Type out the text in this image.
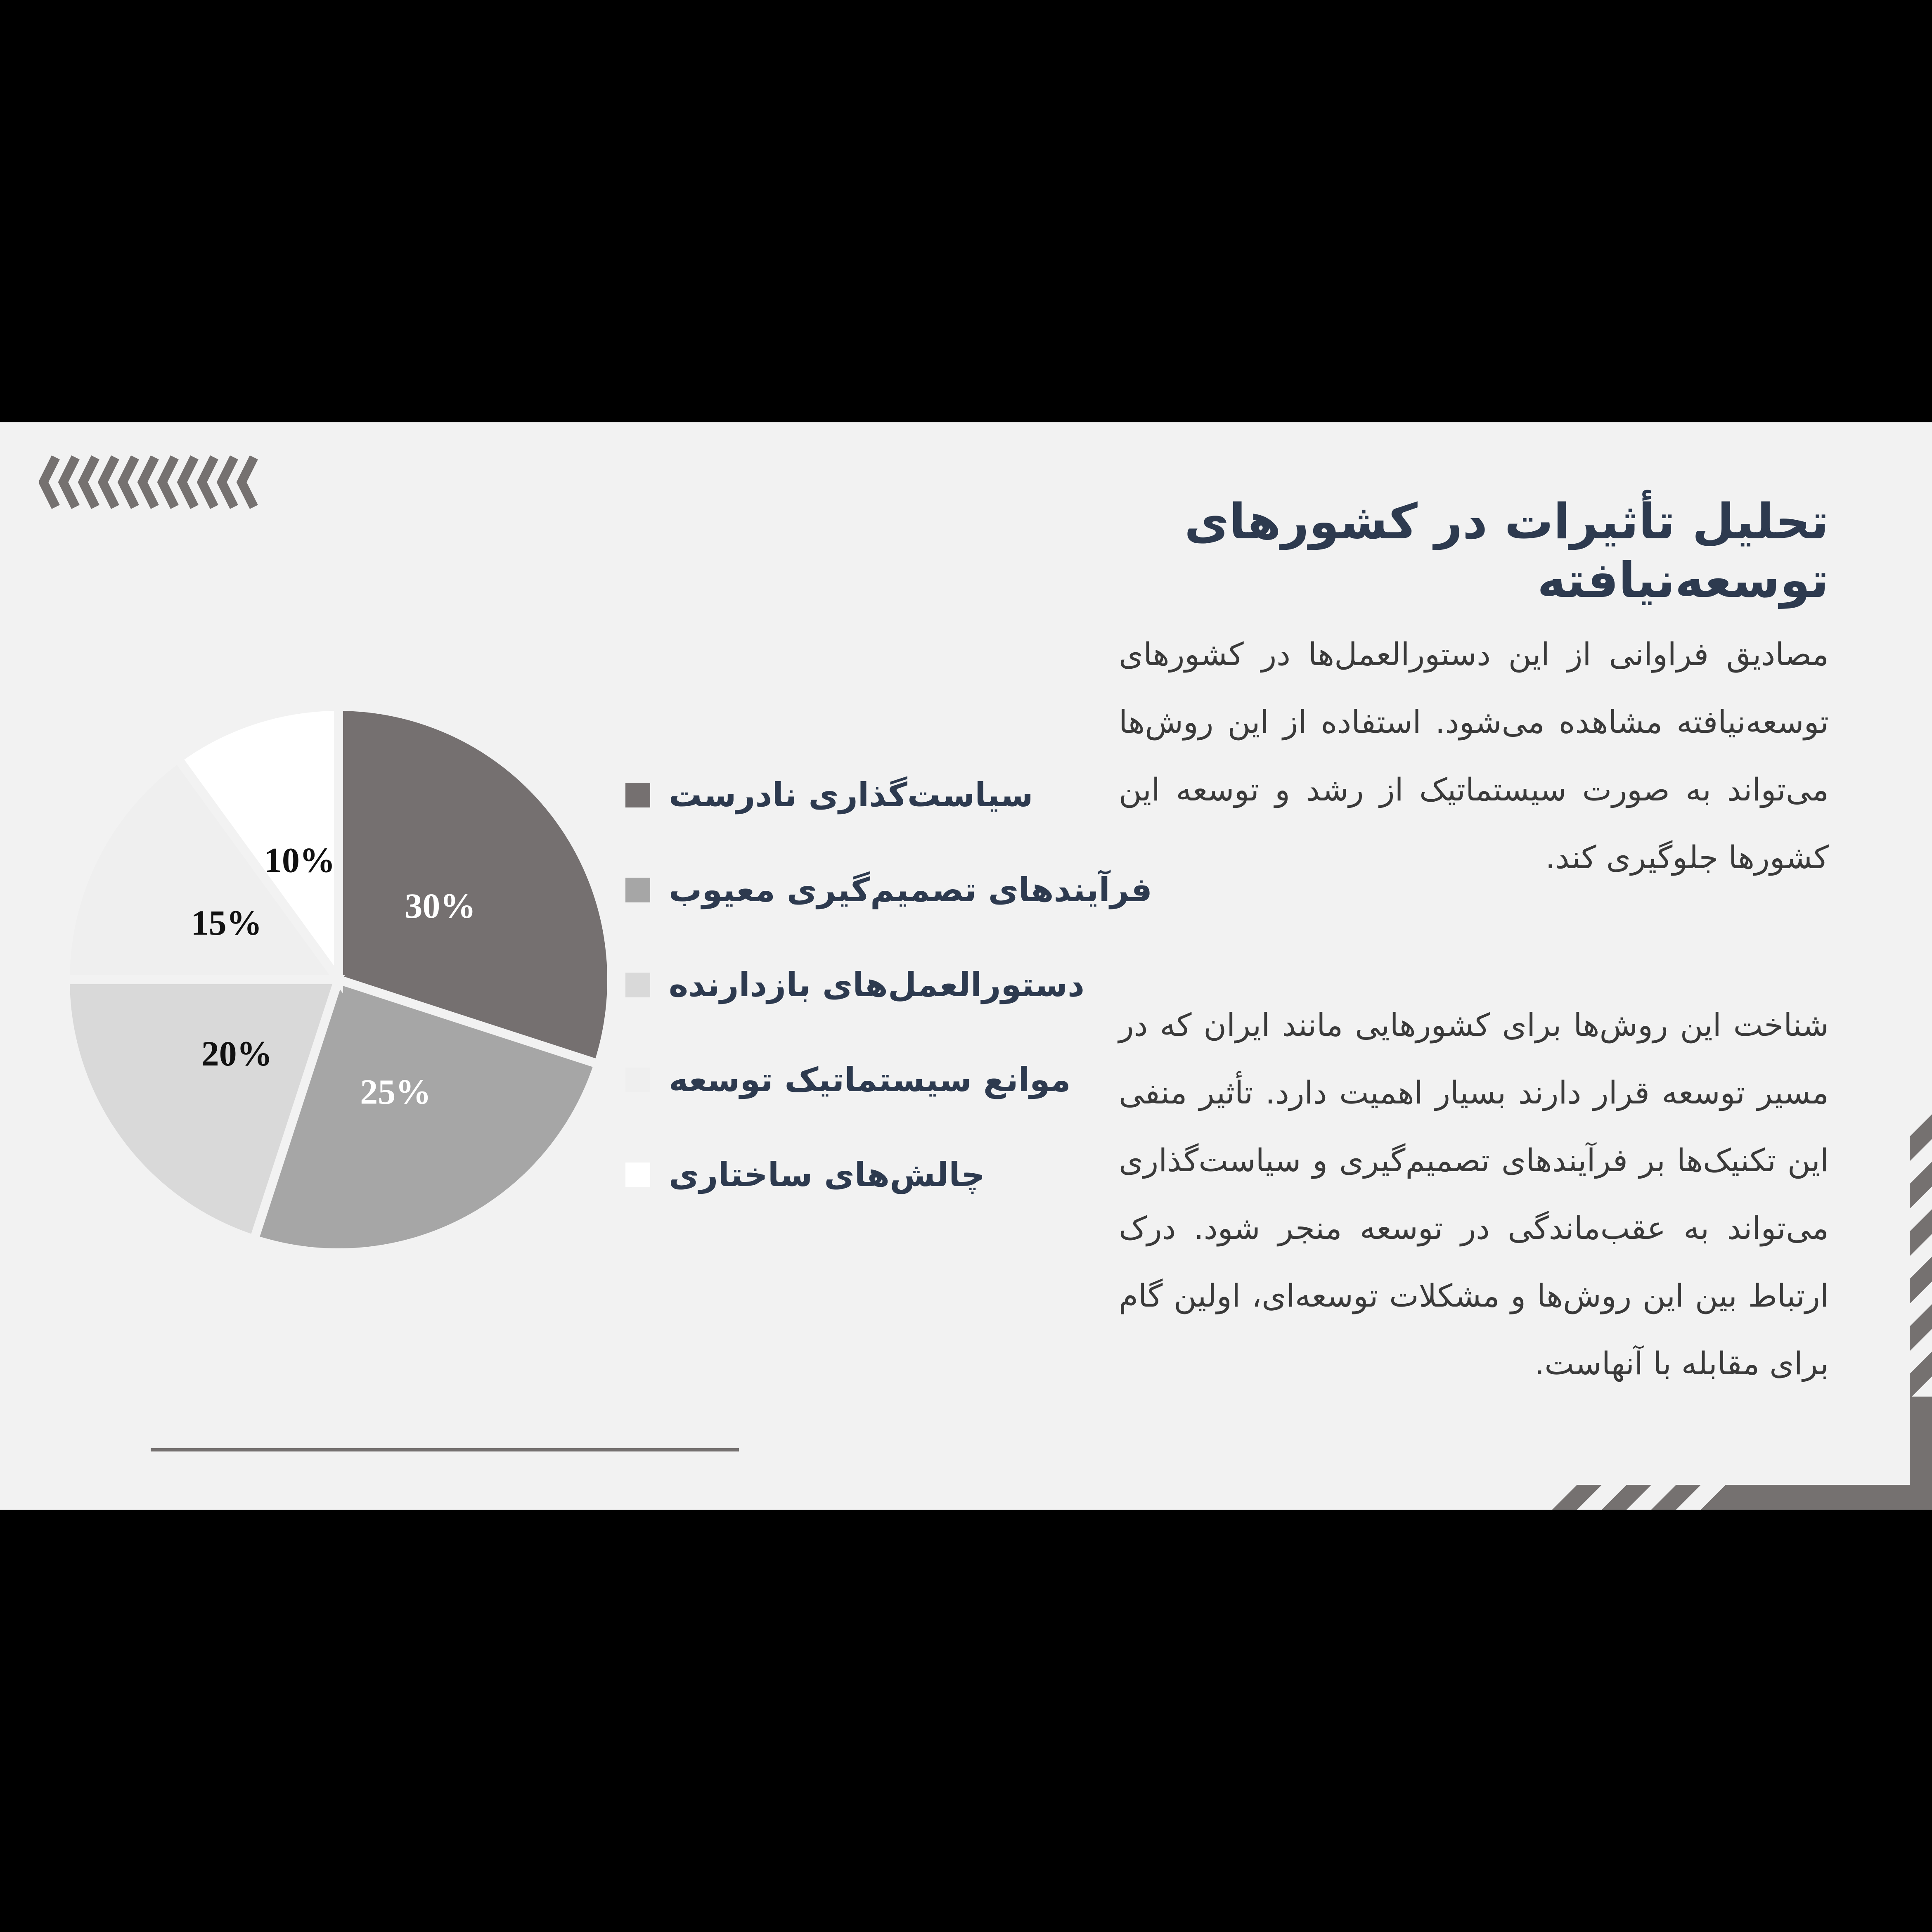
تحلیل تأثیرات در کشورهای توسعه‌نیافته

مصادیق فراوانی از این دستورالعمل‌ها در کشورهای توسعه‌نیافته مشاهده می‌شود. استفاده از این روش‌ها می‌تواند به صورت سیستماتیک از رشد و توسعه این کشورها جلوگیری کند.

شناخت این روش‌ها برای کشورهایی مانند ایران که در مسیر توسعه قرار دارند بسیار اهمیت دارد. تأثیر منفی این تکنیک‌ها بر فرآیندهای تصمیم‌گیری و سیاست‌گذاری می‌تواند به عقب‌ماندگی در توسعه منجر شود. درک ارتباط بین این روش‌ها و مشکلات توسعه‌ای، اولین گام برای مقابله با آنهاست.

30%
25%
20%
15%
10%
سیاست‌گذاری نادرست
فرآیندهای تصمیم‌گیری معیوب
دستورالعمل‌های بازدارنده
موانع سیستماتیک توسعه
چالش‌های ساختاری
